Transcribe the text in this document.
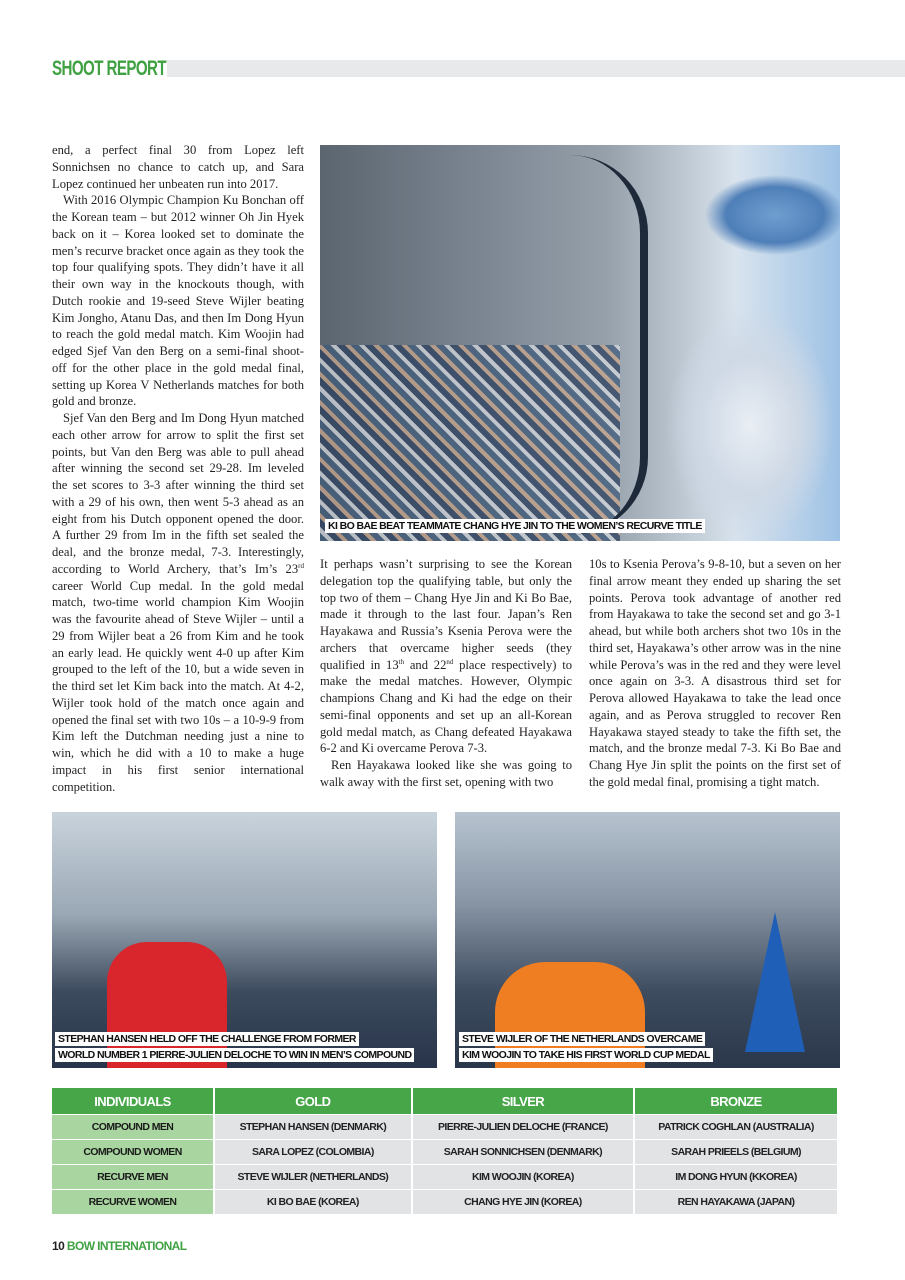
SHOOT REPORT

end, a perfect final 30 from Lopez left Sonnichsen no chance to catch up, and Sara Lopez continued her unbeaten run into 2017.

With 2016 Olympic Champion Ku Bonchan off the Korean team – but 2012 winner Oh Jin Hyek back on it – Korea looked set to dominate the men’s recurve bracket once again as they took the top four qualifying spots. They didn’t have it all their own way in the knockouts though, with Dutch rookie and 19-seed Steve Wijler beating Kim Jongho, Atanu Das, and then Im Dong Hyun to reach the gold medal match. Kim Woojin had edged Sjef Van den Berg on a semi-final shoot-off for the other place in the gold medal final, setting up Korea V Netherlands matches for both gold and bronze.

Sjef Van den Berg and Im Dong Hyun matched each other arrow for arrow to split the first set points, but Van den Berg was able to pull ahead after winning the second set 29-28. Im leveled the set scores to 3-3 after winning the third set with a 29 of his own, then went 5-3 ahead as an eight from his Dutch opponent opened the door. A further 29 from Im in the fifth set sealed the deal, and the bronze medal, 7-3. Interestingly, according to World Archery, that’s Im’s 23rd career World Cup medal. In the gold medal match, two-time world champion Kim Woojin was the favourite ahead of Steve Wijler – until a 29 from Wijler beat a 26 from Kim and he took an early lead. He quickly went 4-0 up after Kim grouped to the left of the 10, but a wide seven in the third set let Kim back into the match. At 4-2, Wijler took hold of the match once again and opened the final set with two 10s – a 10-9-9 from Kim left the Dutchman needing just a nine to win, which he did with a 10 to make a huge impact in his first senior international competition.

KI BO BAE BEAT TEAMMATE CHANG HYE JIN TO THE WOMEN’S RECURVE TITLE

It perhaps wasn’t surprising to see the Korean delegation top the qualifying table, but only the top two of them – Chang Hye Jin and Ki Bo Bae, made it through to the last four. Japan’s Ren Hayakawa and Russia’s Ksenia Perova were the archers that overcame higher seeds (they qualified in 13th and 22nd place respectively) to make the medal matches. However, Olympic champions Chang and Ki had the edge on their semi-final opponents and set up an all-Korean gold medal match, as Chang defeated Hayakawa 6-2 and Ki overcame Perova 7-3.

Ren Hayakawa looked like she was going to walk away with the first set, opening with two

10s to Ksenia Perova’s 9-8-10, but a seven on her final arrow meant they ended up sharing the set points. Perova took advantage of another red from Hayakawa to take the second set and go 3-1 ahead, but while both archers shot two 10s in the third set, Hayakawa’s other arrow was in the nine while Perova’s was in the red and they were level once again on 3-3. A disastrous third set for Perova allowed Hayakawa to take the lead once again, and as Perova struggled to recover Ren Hayakawa stayed steady to take the fifth set, the match, and the bronze medal 7-3. Ki Bo Bae and Chang Hye Jin split the points on the first set of the gold medal final, promising a tight match.

STEPHAN HANSEN HELD OFF THE CHALLENGE FROM FORMER
WORLD NUMBER 1 PIERRE-JULIEN DELOCHE TO WIN IN MEN’S COMPOUND
STEVE WIJLER OF THE NETHERLANDS OVERCAME
KIM WOOJIN TO TAKE HIS FIRST WORLD CUP MEDAL
INDIVIDUALS	GOLD	SILVER	BRONZE
COMPOUND MEN	STEPHAN HANSEN (DENMARK)	PIERRE-JULIEN DELOCHE (FRANCE)	PATRICK COGHLAN (AUSTRALIA)
COMPOUND WOMEN	SARA LOPEZ (COLOMBIA)	SARAH SONNICHSEN (DENMARK)	SARAH PRIEELS (BELGIUM)
RECURVE MEN	STEVE WIJLER (NETHERLANDS)	KIM WOOJIN (KOREA)	IM DONG HYUN (KKOREA)
RECURVE WOMEN	KI BO BAE (KOREA)	CHANG HYE JIN (KOREA)	REN HAYAKAWA (JAPAN)
10 BOW INTERNATIONAL
